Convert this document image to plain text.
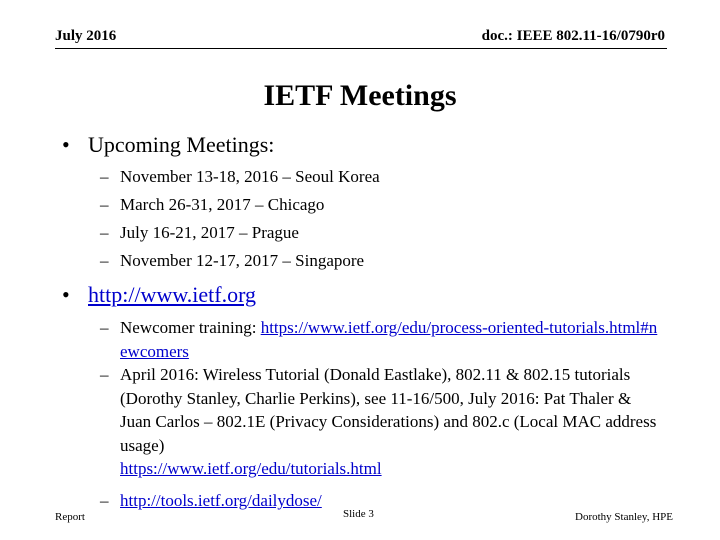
July 2016	doc.: IEEE 802.11-16/0790r0
IETF Meetings
• Upcoming Meetings:
– November 13-18, 2016 – Seoul Korea
– March 26-31, 2017 – Chicago
– July 16-21, 2017 – Prague
– November 12-17, 2017 – Singapore
• http://www.ietf.org
– Newcomer training: https://www.ietf.org/edu/process-oriented-tutorials.html#newcomers
– April 2016: Wireless Tutorial (Donald Eastlake), 802.11 & 802.15 tutorials (Dorothy Stanley, Charlie Perkins), see 11-16/500, July 2016: Pat Thaler & Juan Carlos – 802.1E (Privacy Considerations) and 802.c (Local MAC address usage)
https://www.ietf.org/edu/tutorials.html
– http://tools.ietf.org/dailydose/
Report	Slide 3	Dorothy Stanley, HPE
